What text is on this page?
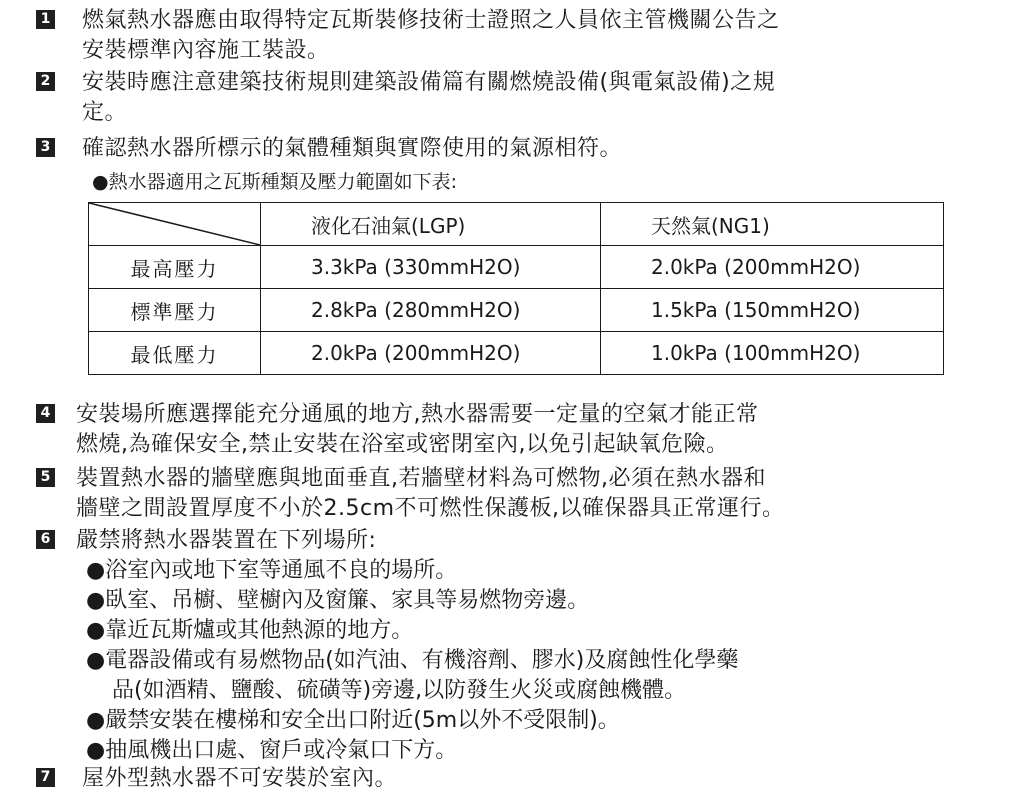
1 燃氣熱水器應由取得特定瓦斯裝修技術士證照之人員依主管機關公告之
安裝標準內容施工裝設。
2 安裝時應注意建築技術規則建築設備篇有關燃燒設備(與電氣設備)之規
定。
3 確認熱水器所標示的氣體種類與實際使用的氣源相符。
●熱水器適用之瓦斯種類及壓力範圍如下表:
	液化石油氣(LGP)	天然氣(NG1)
最高壓力	3.3kPa (330mmH2O)	2.0kPa (200mmH2O)
標準壓力	2.8kPa (280mmH2O)	1.5kPa (150mmH2O)
最低壓力	2.0kPa (200mmH2O)	1.0kPa (100mmH2O)
4 安裝場所應選擇能充分通風的地方,熱水器需要一定量的空氣才能正常
燃燒,為確保安全,禁止安裝在浴室或密閉室內,以免引起缺氧危險。
5 裝置熱水器的牆壁應與地面垂直,若牆壁材料為可燃物,必須在熱水器和
牆壁之間設置厚度不小於2.5cm不可燃性保護板,以確保器具正常運行。
6 嚴禁將熱水器裝置在下列場所:
●浴室內或地下室等通風不良的場所。
●臥室、吊櫥、壁櫥內及窗簾、家具等易燃物旁邊。
●靠近瓦斯爐或其他熱源的地方。
●電器設備或有易燃物品(如汽油、有機溶劑、膠水)及腐蝕性化學藥
品(如酒精、鹽酸、硫磺等)旁邊,以防發生火災或腐蝕機體。
●嚴禁安裝在樓梯和安全出口附近(5m以外不受限制)。
●抽風機出口處、窗戶或冷氣口下方。
7 屋外型熱水器不可安裝於室內。
